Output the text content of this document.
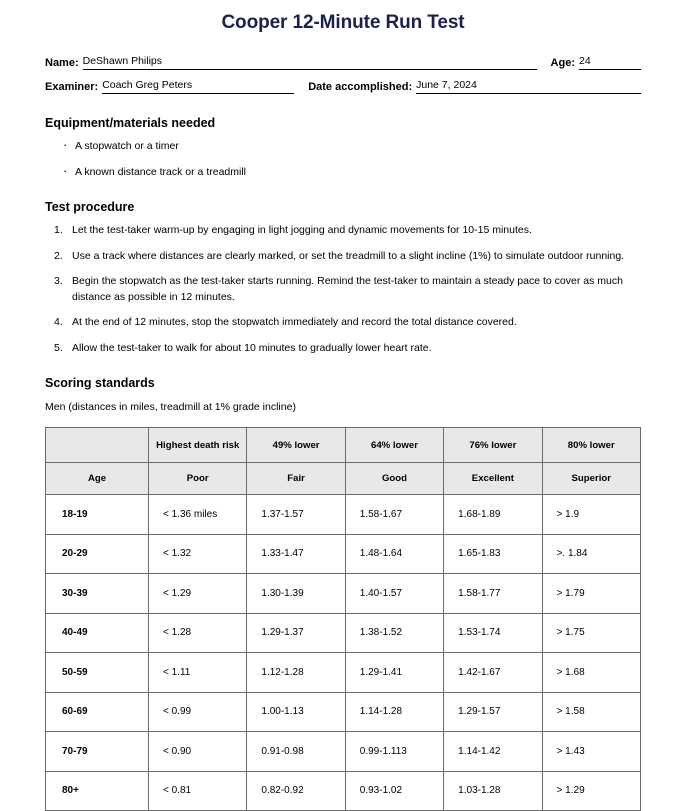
Cooper 12-Minute Run Test
Name: DeShawn Philips	Age: 24
Examiner: Coach Greg Peters	Date accomplished: June 7, 2024
Equipment/materials needed
· A stopwatch or a timer
· A known distance track or a treadmill
Test procedure
Let the test-taker warm-up by engaging in light jogging and dynamic movements for 10-15 minutes.
Use a track where distances are clearly marked, or set the treadmill to a slight incline (1%) to simulate outdoor running.
Begin the stopwatch as the test-taker starts running. Remind the test-taker to maintain a steady pace to cover as much distance as possible in 12 minutes.
At the end of 12 minutes, stop the stopwatch immediately and record the total distance covered.
Allow the test-taker to walk for about 10 minutes to gradually lower heart rate.
Scoring standards
Men (distances in miles, treadmill at 1% grade incline)
	Highest death risk	49% lower	64% lower	76% lower	80% lower
Age	Poor	Fair	Good	Excellent	Superior
18-19	< 1.36 miles	1.37-1.57	1.58-1.67	1.68-1.89	> 1.9
20-29	< 1.32	1.33-1.47	1.48-1.64	1.65-1.83	>. 1.84
30-39	< 1.29	1.30-1.39	1.40-1.57	1.58-1.77	> 1.79
40-49	< 1.28	1.29-1.37	1.38-1.52	1.53-1.74	> 1.75
50-59	< 1.11	1.12-1.28	1.29-1.41	1.42-1.67	> 1.68
60-69	< 0.99	1.00-1.13	1.14-1.28	1.29-1.57	> 1.58
70-79	< 0.90	0.91-0.98	0.99-1.113	1.14-1.42	> 1.43
80+	< 0.81	0.82-0.92	0.93-1.02	1.03-1.28	> 1.29
